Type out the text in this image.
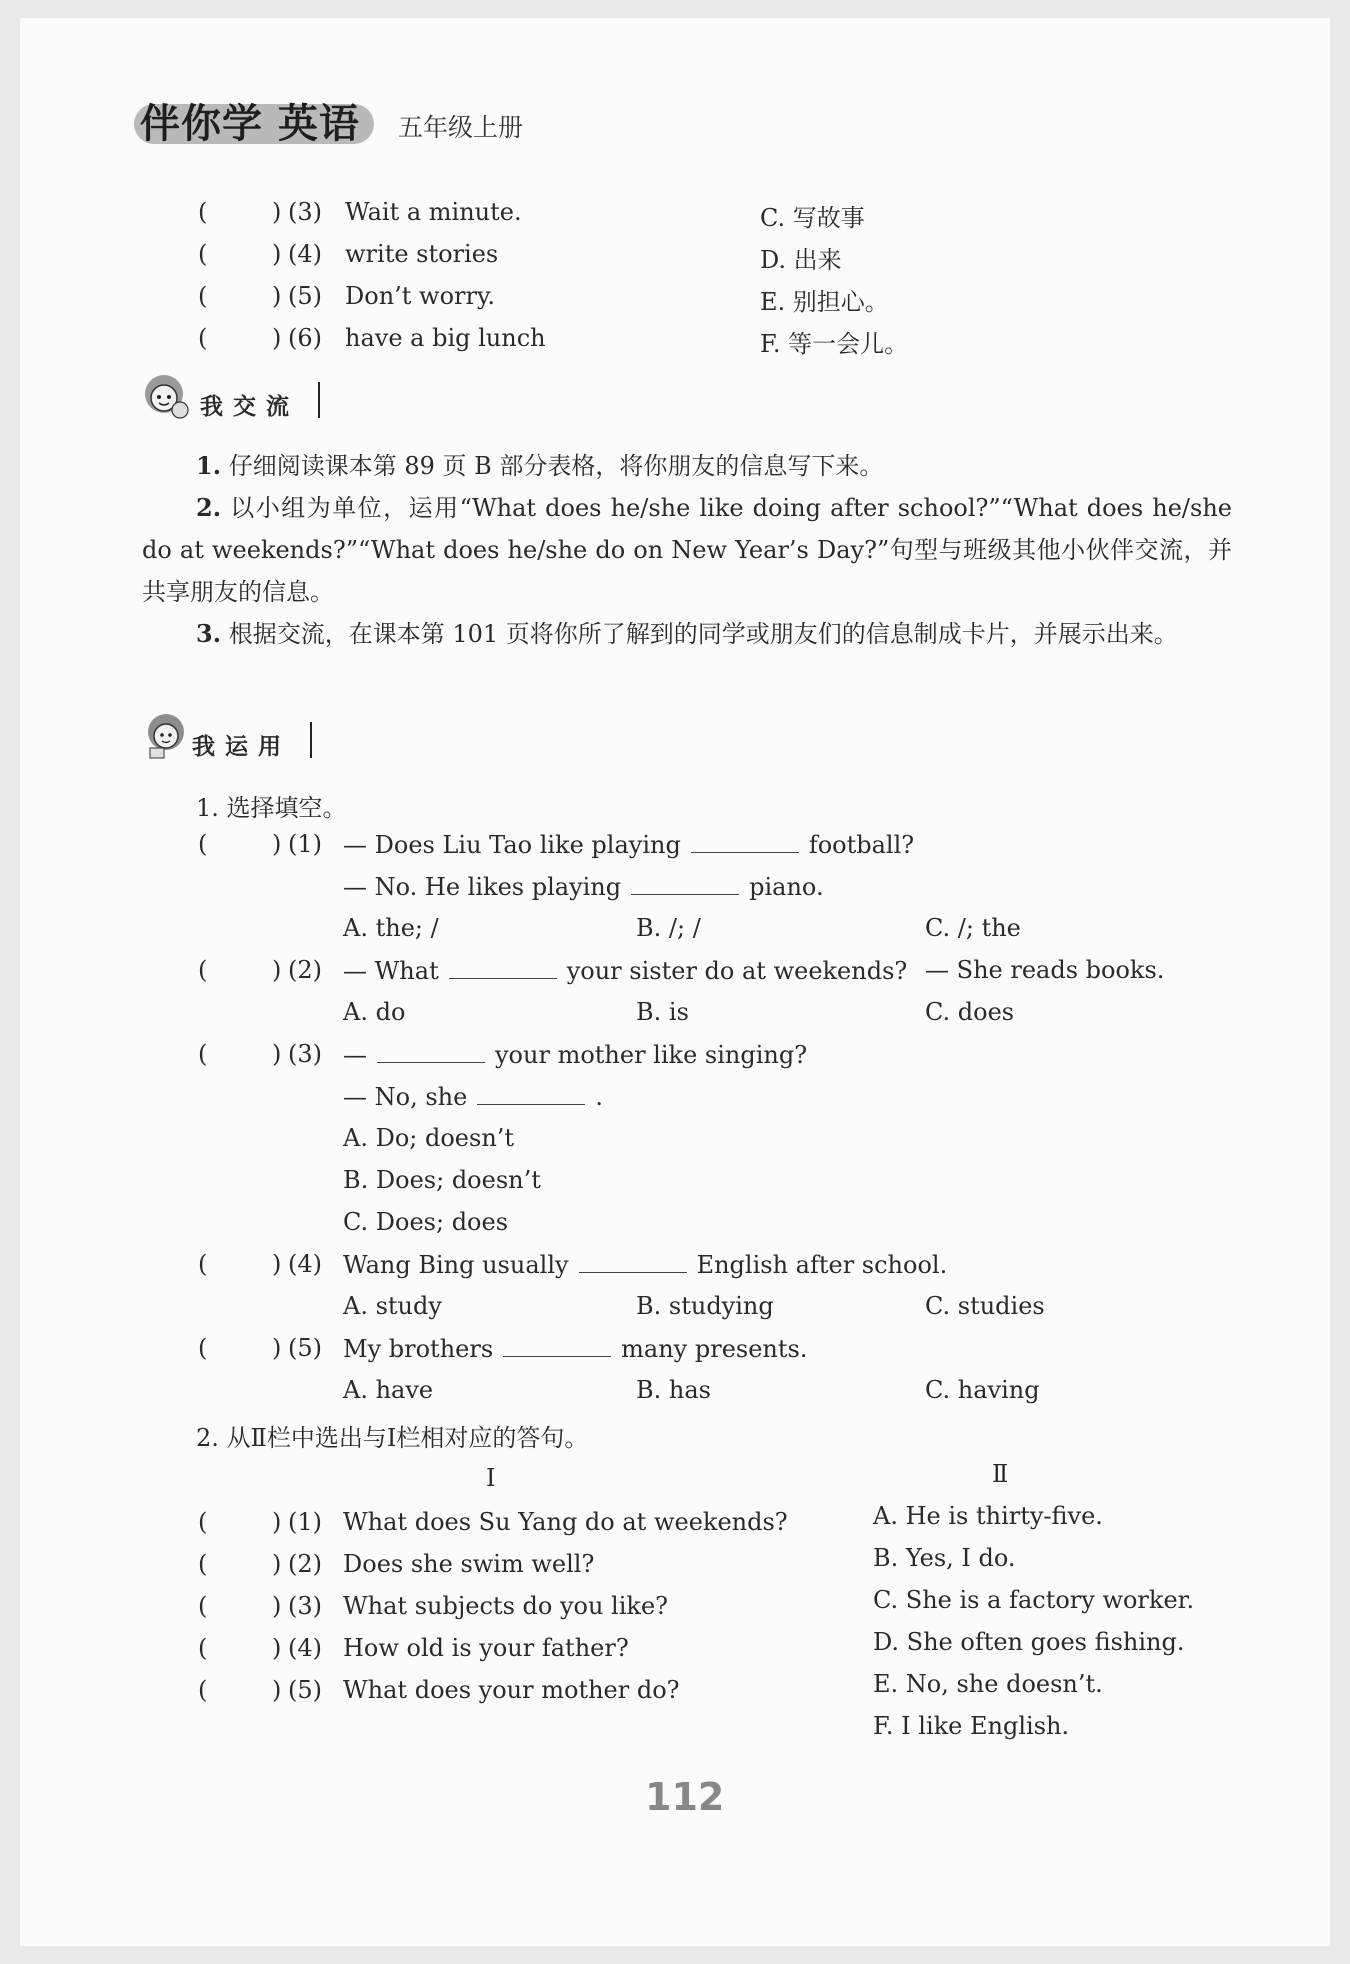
伴你学 英语 五年级上册
(	) (3) Wait a minute.	C. 写故事
(	) (4) write stories	D. 出来
(	) (5) Don’t worry.	E. 别担心。
(	) (6) have a big lunch	F. 等一会儿。
我交流
1. 仔细阅读课本第 89 页 B 部分表格，将你朋友的信息写下来。
2. 以小组为单位，运用“What does he/she like doing after school?”“What does he/she do at weekends?”“What does he/she do on New Year’s Day?”句型与班级其他小伙伴交流，并共享朋友的信息。
3. 根据交流，在课本第 101 页将你所了解到的同学或朋友们的信息制成卡片，并展示出来。
我运用
1. 选择填空。
(	) (1) — Does Liu Tao like playing	football?
— No. He likes playing	piano.
A. the; /	B. /; /	C. /; the
(	) (2) — What	your sister do at weekends? — She reads books.
A. do	B. is	C. does
(	) (3) —	your mother like singing?
— No, she	.
A. Do; doesn’t
B. Does; doesn’t
C. Does; does
(	) (4) Wang Bing usually	English after school.
A. study	B. studying	C. studies
(	) (5) My brothers	many presents.
A. have	B. has	C. having
2. 从Ⅱ栏中选出与Ⅰ栏相对应的答句。
Ⅰ	Ⅱ
(	) (1) What does Su Yang do at weekends?
(	) (2) Does she swim well?
(	) (3) What subjects do you like?
(	) (4) How old is your father?
(	) (5) What does your mother do?
A. He is thirty-five.
B. Yes, I do.
C. She is a factory worker.
D. She often goes fishing.
E. No, she doesn’t.
F. I like English.
112
